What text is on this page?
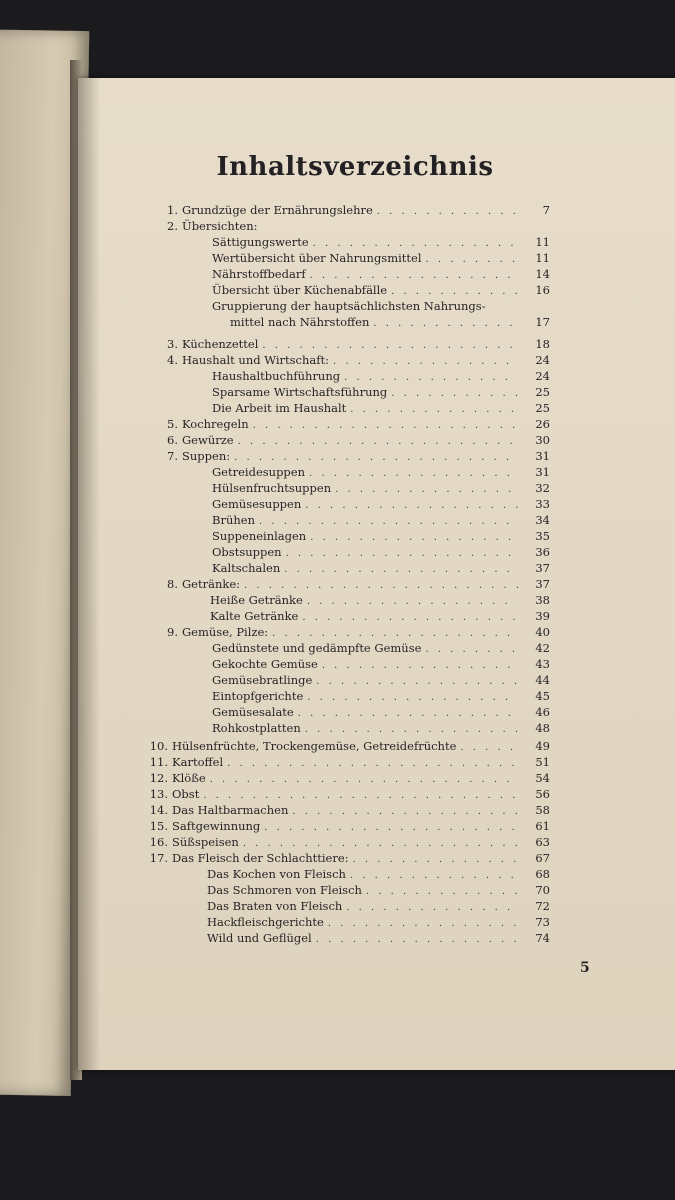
Inhaltsverzeichnis
1. Grundzüge der Ernährungslehre . . .	7
2. Übersichten:
Sättigungswerte . . .	11
Wertübersicht über Nahrungsmittel . . .	11
Nährstoffbedarf . . .	14
Übersicht über Küchenabfälle . . .	16
Gruppierung der hauptsächlichsten Nahrungs-
mittel nach Nährstoffen . . .	17
3. Küchenzettel . . .	18
4. Haushalt und Wirtschaft: . . .	24
Haushaltbuchführung . . .	24
Sparsame Wirtschaftsführung . . .	25
Die Arbeit im Haushalt . . .	25
5. Kochregeln . . .	26
6. Gewürze . . .	30
7. Suppen: . . .	31
Getreidesuppen . . .	31
Hülsenfruchtsuppen . . .	32
Gemüsesuppen . . .	33
Brühen . . .	34
Suppeneinlagen . . .	35
Obstsuppen . . .	36
Kaltschalen . . .	37
8. Getränke: . . .	37
Heiße Getränke . . .	38
Kalte Getränke . . .	39
9. Gemüse, Pilze: . . .	40
Gedünstete und gedämpfte Gemüse . . .	42
Gekochte Gemüse . . .	43
Gemüsebratlinge . . .	44
Eintopfgerichte . . .	45
Gemüsesalate . . .	46
Rohkostplatten . . .	48
10. Hülsenfrüchte, Trockengemüse, Getreidefrüchte . . .	49
11. Kartoffel . . .	51
12. Klöße . . .	54
13. Obst . . .	56
14. Das Haltbarmachen . . .	58
15. Saftgewinnung . . .	61
16. Süßspeisen . . .	63
17. Das Fleisch der Schlachttiere: . . .	67
Das Kochen von Fleisch . . .	68
Das Schmoren von Fleisch . . .	70
Das Braten von Fleisch . . .	72
Hackfleischgerichte . . .	73
Wild und Geflügel . . .	74
5
